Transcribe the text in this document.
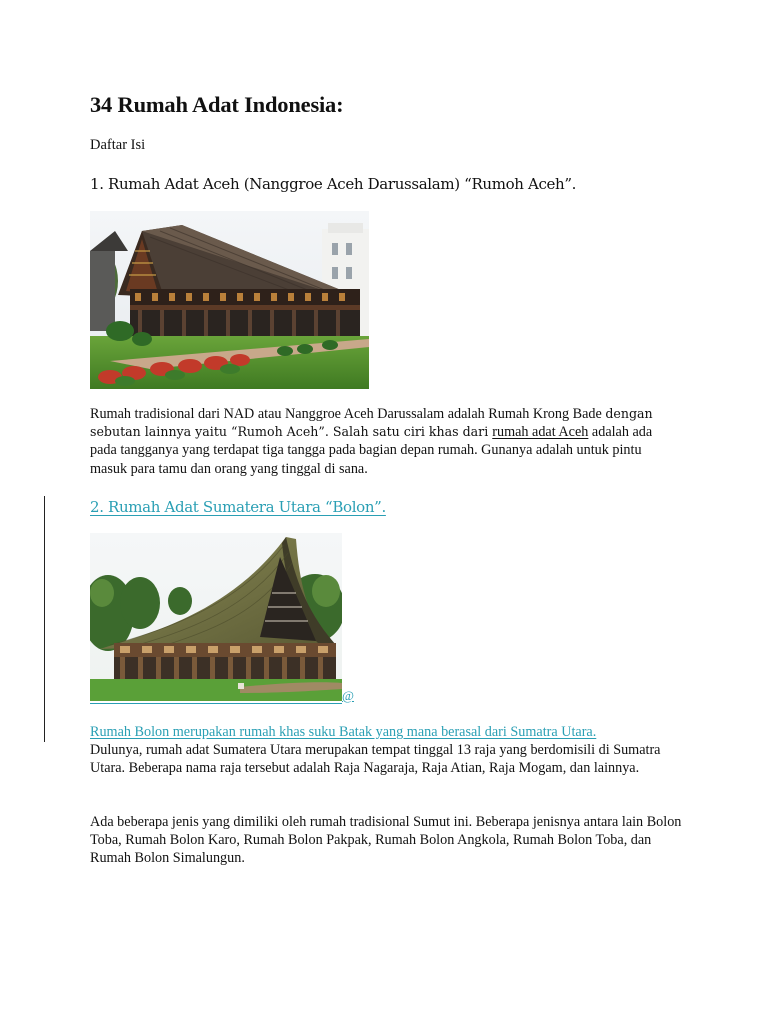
34 Rumah Adat Indonesia:
Daftar Isi
1. Rumah Adat Aceh (Nanggroe Aceh Darussalam) “Rumoh Aceh”.

Rumah tradisional dari NAD atau Nanggroe Aceh Darussalam adalah Rumah Krong Bade dengan sebutan lainnya yaitu “Rumoh Aceh”. Salah satu ciri khas dari rumah adat Aceh adalah ada pada tangganya yang terdapat tiga tangga pada bagian depan rumah. Gunanya adalah untuk pintu masuk para tamu dan orang yang tinggal di sana.

2. Rumah Adat Sumatera Utara “Bolon”.
@

Rumah Bolon merupakan rumah khas suku Batak yang mana berasal dari Sumatra Utara.
Dulunya, rumah adat Sumatera Utara merupakan tempat tinggal 13 raja yang berdomisili di Sumatra Utara. Beberapa nama raja tersebut adalah Raja Nagaraja, Raja Atian, Raja Mogam, dan lainnya.

Ada beberapa jenis yang dimiliki oleh rumah tradisional Sumut ini. Beberapa jenisnya antara lain Bolon Toba, Rumah Bolon Karo, Rumah Bolon Pakpak, Rumah Bolon Angkola, Rumah Bolon Toba, dan Rumah Bolon Simalungun.
